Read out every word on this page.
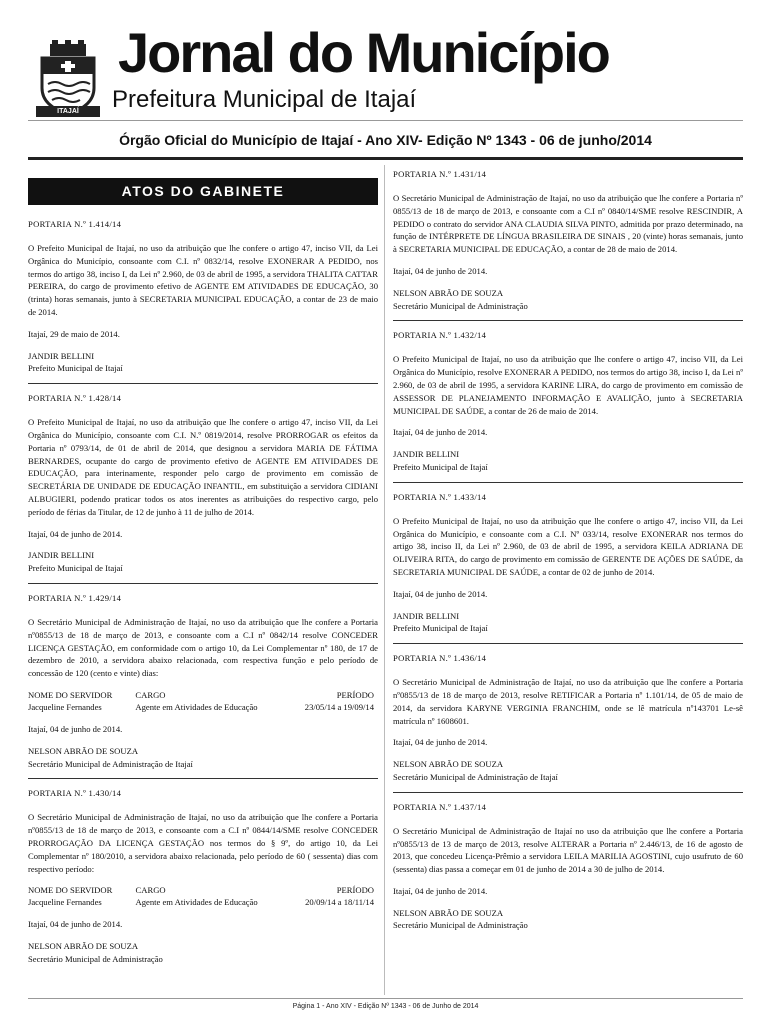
ITAJAÍ
Jornal do Município
Prefeitura Municipal de Itajaí
Órgão Oficial do Município de Itajaí - Ano XIV- Edição Nº 1343 - 06 de junho/2014
ATOS DO GABINETE

PORTARIA N.º 1.414/14

O Prefeito Municipal de Itajaí, no uso da atribuição que lhe confere o artigo 47, inciso VII, da Lei Orgânica do Município, consoante com C.I. nº 0832/14, resolve EXONERAR A PEDIDO, nos termos do artigo 38, inciso I, da Lei nº 2.960, de 03 de abril de 1995, a servidora THALITA CATTAR PEREIRA, do cargo de provimento efetivo de AGENTE EM ATIVIDADES DE EDUCAÇÃO, 30 (trinta) horas semanais, junto à SECRETARIA MUNICIPAL EDUCAÇÃO, a contar de 23 de maio de 2014.

Itajaí, 29 de maio de 2014.

JANDIR BELLINI

Prefeito Municipal de Itajaí

PORTARIA N.º 1.428/14

O Prefeito Municipal de Itajaí, no uso da atribuição que lhe confere o artigo 47, inciso VII, da Lei Orgânica do Município, consoante com C.I. N.º 0819/2014, resolve PRORROGAR os efeitos da Portaria nº 0793/14, de 01 de abril de 2014, que designou a servidora MARIA DE FÁTIMA BERNARDES, ocupante do cargo de provimento efetivo de AGENTE EM ATIVIDADES DE EDUCAÇÃO, para interinamente, responder pelo cargo de provimento em comissão de SECRETÁRIA DE UNIDADE DE EDUCAÇÃO INFANTIL, em substituição a servidora CIDIANI ALBUGIERI, podendo praticar todos os atos inerentes as atribuições do respectivo cargo, pelo período de férias da Titular, de 12 de junho à 11 de julho de 2014.

Itajaí, 04 de junho de 2014.

JANDIR BELLINI

Prefeito Municipal de Itajaí

PORTARIA N.º 1.429/14

O Secretário Municipal de Administração de Itajaí, no uso da atribuição que lhe confere a Portaria nº0855/13 de 18 de março de 2013, e consoante com a C.I nº 0842/14 resolve CONCEDER LICENÇA GESTAÇÃO, em conformidade com o artigo 10, da Lei Complementar nº 180, de 17 de dezembro de 2010, a servidora abaixo relacionada, com respectiva função e pelo período de concessão de 120 (cento e vinte) dias:

NOME DO SERVIDOR	CARGO	PERÍODO
Jacqueline Fernandes	Agente em Atividades de Educação	23/05/14 a 19/09/14

Itajaí, 04 de junho de 2014.

NELSON ABRÃO DE SOUZA

Secretário Municipal de Administração de Itajaí

PORTARIA N.º 1.430/14

O Secretário Municipal de Administração de Itajaí, no uso da atribuição que lhe confere a Portaria nº0855/13 de 18 de março de 2013, e consoante com a C.I nº 0844/14/SME resolve CONCEDER PRORROGAÇÃO DA LICENÇA GESTAÇÃO nos termos do § 9º, do artigo 10, da Lei Complementar nº 180/2010, a servidora abaixo relacionada, pelo período de 60 ( sessenta) dias com respectivo período:

NOME DO SERVIDOR	CARGO	PERÍODO
Jacqueline Fernandes	Agente em Atividades de Educação	20/09/14 a 18/11/14

Itajaí, 04 de junho de 2014.

NELSON ABRÃO DE SOUZA

Secretário Municipal de Administração

PORTARIA N.º 1.431/14

O Secretário Municipal de Administração de Itajaí, no uso da atribuição que lhe confere a Portaria nº 0855/13 de 18 de março de 2013, e consoante com a C.I nº 0840/14/SME resolve RESCINDIR, A PEDIDO o contrato do servidor ANA CLAUDIA SILVA PINTO, admitida por prazo determinado, na função de INTÉRPRETE DE LÍNGUA BRASILEIRA DE SINAIS , 20 (vinte) horas semanais, junto à SECRETARIA MUNICIPAL DE EDUCAÇÃO, a contar de 28 de maio de 2014.

Itajaí, 04 de junho de 2014.

NELSON ABRÃO DE SOUZA

Secretário Municipal de Administração

PORTARIA N.º 1.432/14

O Prefeito Municipal de Itajaí, no uso da atribuição que lhe confere o artigo 47, inciso VII, da Lei Orgânica do Município, resolve EXONERAR A PEDIDO, nos termos do artigo 38, inciso I, da Lei nº 2.960, de 03 de abril de 1995, a servidora KARINE LIRA, do cargo de provimento em comissão de ASSESSOR DE PLANEJAMENTO INFORMAÇÃO E AVALIÇÃO, junto à SECRETARIA MUNICIPAL DE SAÚDE, a contar de 26 de maio de 2014.

Itajaí, 04 de junho de 2014.

JANDIR BELLINI

Prefeito Municipal de Itajaí

PORTARIA N.º 1.433/14

O Prefeito Municipal de Itajaí, no uso da atribuição que lhe confere o artigo 47, inciso VII, da Lei Orgânica do Município, e consoante com a C.I. Nº 033/14, resolve EXONERAR nos termos do artigo 38, inciso II, da Lei nº 2.960, de 03 de abril de 1995, a servidora KEILA ADRIANA DE OLIVEIRA RITA, do cargo de provimento em comissão de GERENTE DE AÇÕES DE SAÚDE, da SECRETARIA MUNICIPAL DE SAÚDE, a contar de 02 de junho de 2014.

Itajaí, 04 de junho de 2014.

JANDIR BELLINI

Prefeito Municipal de Itajaí

PORTARIA N.º 1.436/14

O Secretário Municipal de Administração de Itajaí, no uso da atribuição que lhe confere a Portaria nº0855/13 de 18 de março de 2013, resolve RETIFICAR a Portaria nº 1.101/14, de 05 de maio de 2014, da servidora KARYNE VERGINIA FRANCHIM, onde se lê matrícula nº143701 Le-sê matrícula nº 1608601.

Itajaí, 04 de junho de 2014.

NELSON ABRÃO DE SOUZA

Secretário Municipal de Administração de Itajaí

PORTARIA N.º 1.437/14

O Secretário Municipal de Administração de Itajaí no uso da atribuição que lhe confere a Portaria nº0855/13 de 13 de março de 2013, resolve ALTERAR a Portaria nº 2.446/13, de 16 de agosto de 2013, que concedeu Licença-Prêmio a servidora LEILA MARILIA AGOSTINI, cujo usufruto de 60 (sessenta) dias passa a começar em 01 de junho de 2014 a 30 de julho de 2014.

Itajaí, 04 de junho de 2014.

NELSON ABRÃO DE SOUZA

Secretário Municipal de Administração

Página 1 - Ano XIV - Edição Nº 1343 - 06 de Junho de 2014
